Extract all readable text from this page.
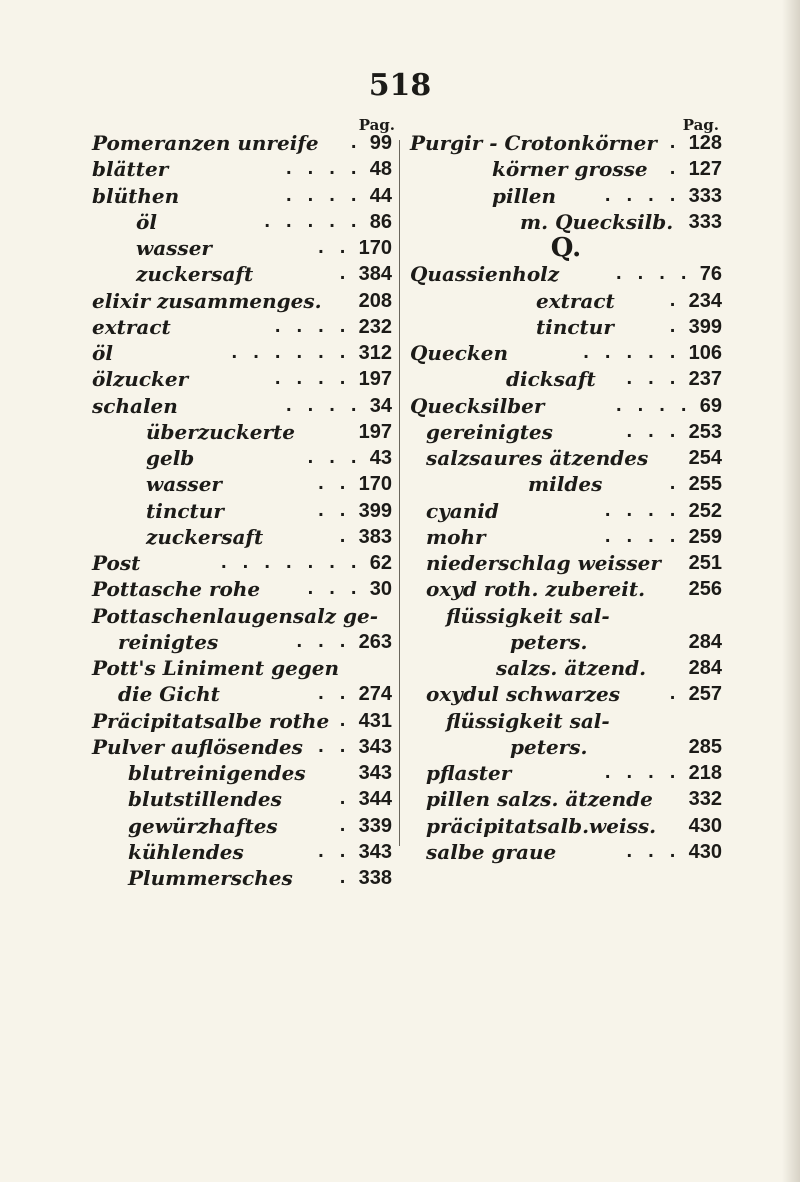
518
Pag.
Pomeranzen unreife . 99
blätter	. . . . 48
blüthen	. . . . 44
öl	. . . . . 86
wasser	. . 170
zuckersaft	. 384
elixir zusammenges. 208
extract	. . . . 232
öl	. . . . . . 312
ölzucker	. . . . 197
schalen	. . . . 34
überzuckerte	197
gelb	. . . 43
wasser	. . 170
tinctur	. . 399
zuckersaft	. 383
Post	. . . . . . . 62
Pottasche rohe	. . . 30
Pottaschenlaugensalz ge-
reinigtes	. . . 263
Pott's Liniment gegen
die Gicht	. . 274
Präcipitatsalbe rothe . 431
Pulver auflösendes . . 343
blutreinigendes	343
blutstillendes	. 344
gewürzhaftes	. 339
kühlendes	. . 343
Plummersches	. 338
Pag.
Purgir - Crotonkörner . 128
körner grosse . 127
pillen	. . . . 333
m. Quecksilb. 333
Q.
Quassienholz	. . . . 76
extract	. 234
tinctur	. 399
Quecken	. . . . . 106
dicksaft . . . 237
Quecksilber	. . . . 69
gereinigtes	. . . 253
salzsaures ätzendes 254
mildes	. 255
cyanid	. . . . 252
mohr	. . . . 259
niederschlag weisser 251
oxyd roth. zubereit. 256
flüssigkeit sal-
peters.	284
salzs. ätzend. 284
oxydul schwarzes	. 257
flüssigkeit sal-
peters.	285
pflaster	. . . . 218
pillen salzs. ätzende 332
präcipitatsalb.weiss. 430
salbe graue	. . . 430
